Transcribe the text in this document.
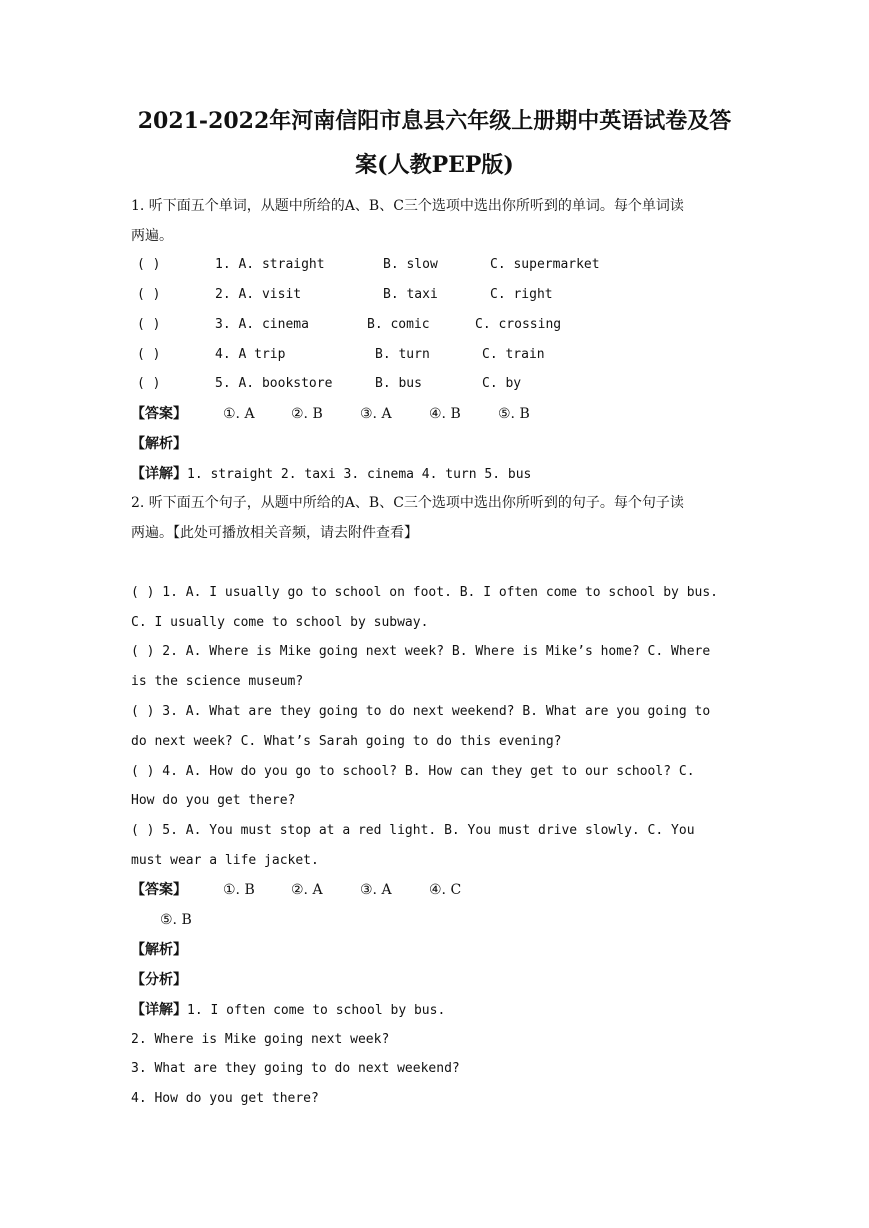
2021-2022年河南信阳市息县六年级上册期中英语试卷及答
案(人教PEP版)
1. 听下面五个单词，从题中所给的A、B、C三个选项中选出你所听到的单词。每个单词读
两遍。
( )	1. A. straight	B. slow	C. supermarket
( )	2. A. visit	B. taxi	C. right
( )	3. A. cinema	B. comic	C. crossing
( )	4. A trip	B. turn	C. train
( )	5. A. bookstore	B. bus	C. by
【答案】	①. A	②. B	③. A	④. B	⑤. B
【解析】
【详解】1. straight 2. taxi 3. cinema 4. turn 5. bus
2. 听下面五个句子，从题中所给的A、B、C三个选项中选出你所听到的句子。每个句子读
两遍。【此处可播放相关音频，请去附件查看】
( ) 1. A. I usually go to school on foot. B. I often come to school by bus.
C. I usually come to school by subway.
( ) 2. A. Where is Mike going next week? B. Where is Mike’s home? C. Where
is the science museum?
( ) 3. A. What are they going to do next weekend? B. What are you going to
do next week? C. What’s Sarah going to do this evening?
( ) 4. A. How do you go to school? B. How can they get to our school? C.
How do you get there?
( ) 5. A. You must stop at a red light. B. You must drive slowly. C. You
must wear a life jacket.
【答案】	①. B	②. A	③. A	④. C
⑤. B
【解析】
【分析】
【详解】1. I often come to school by bus.
2. Where is Mike going next week?
3. What are they going to do next weekend?
4. How do you get there?
